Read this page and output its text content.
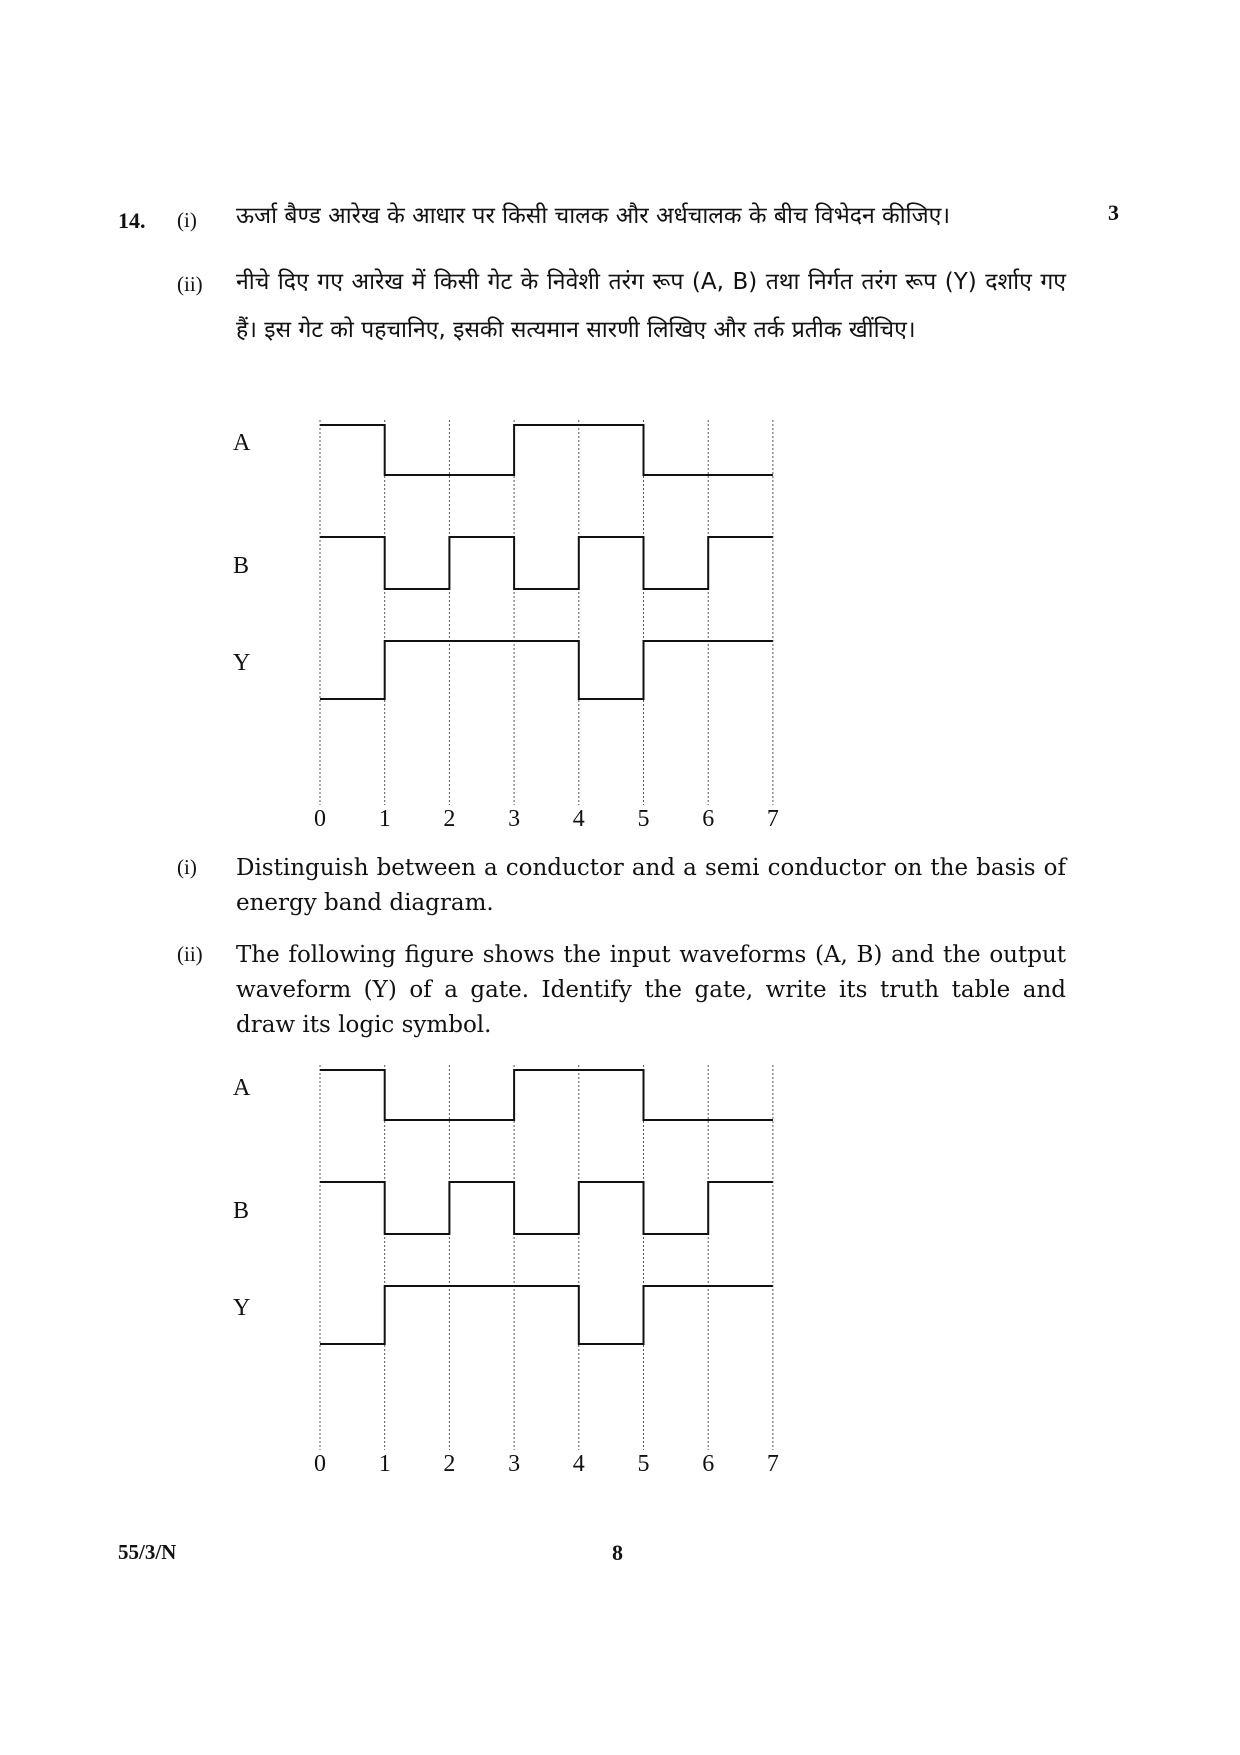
14.	3
(i) ऊर्जा बैण्ड आरेख के आधार पर किसी चालक और अर्धचालक के बीच विभेदन कीजिए।
(ii) नीचे दिए गए आरेख में किसी गेट के निवेशी तरंग रूप (A, B) तथा निर्गत तरंग रूप (Y) दर्शाए गए हैं। इस गेट को पहचानिए, इसकी सत्यमान सारणी लिखिए और तर्क प्रतीक खींचिए।
A
B
Y
0 1 2 3 4 5 6 7
(i) Distinguish between a conductor and a semi conductor on the basis of energy band diagram.
(ii) The following figure shows the input waveforms (A, B) and the output waveform (Y) of a gate. Identify the gate, write its truth table and draw its logic symbol.
A
B
Y
0 1 2 3 4 5 6 7
55/3/N	8
